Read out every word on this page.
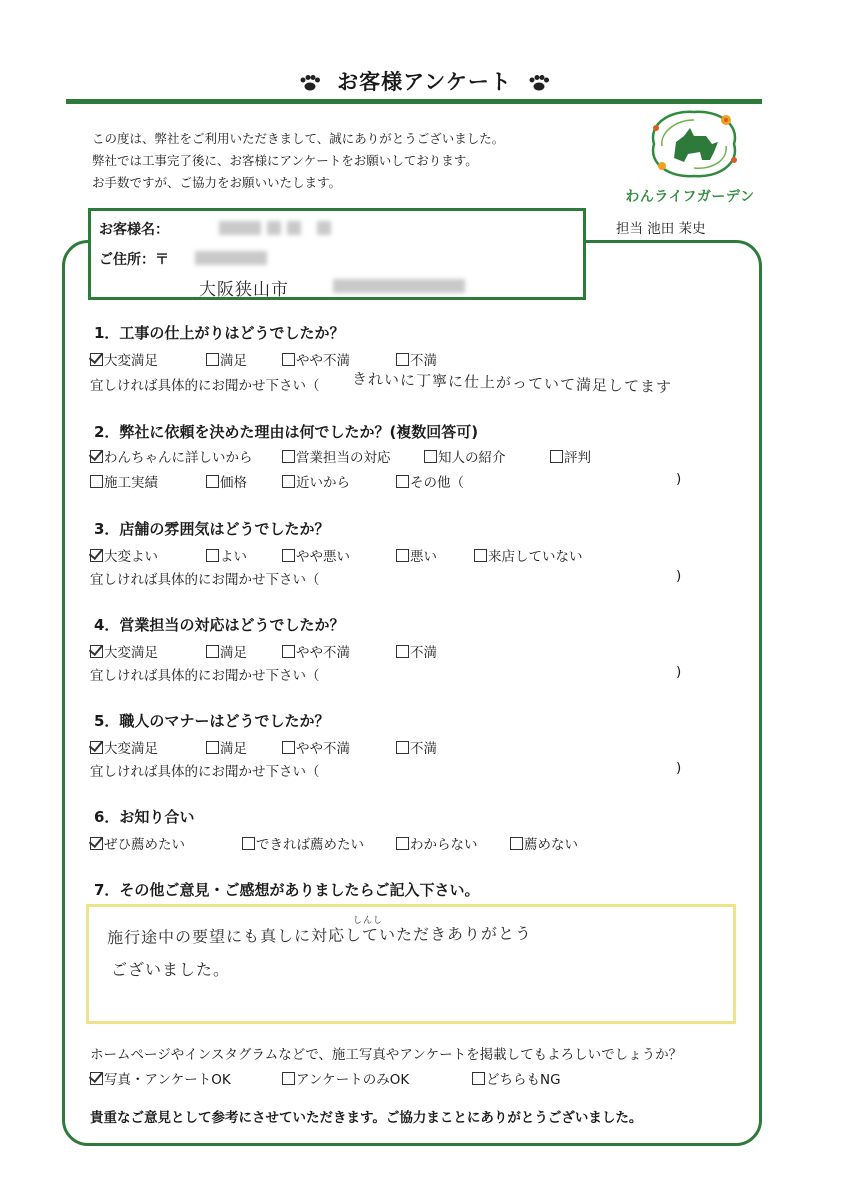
お客様アンケート
この度は、弊社をご利用いただきまして、誠にありがとうございました。
弊社では工事完了後に、お客様にアンケートをお願いしております。
お手数ですが、ご協力をお願いいたします。
わんライフガーデン
担当 池田 茉史
お客様名：
ご住所：〒
大阪狭山市
1．工事の仕上がりはどうでしたか？
大変満足	満足	やや不満	不満
宜しければ具体的にお聞かせ下さい（ きれいに丁寧に仕上がっていて満足してます
2．弊社に依頼を決めた理由は何でしたか？(複数回答可)
わんちゃんに詳しいから	営業担当の対応	知人の紹介	評判
施工実績	価格	近いから	その他（	)
3．店舗の雰囲気はどうでしたか？
大変よい	よい	やや悪い	悪い	来店していない
宜しければ具体的にお聞かせ下さい（	)
4．営業担当の対応はどうでしたか？
大変満足	満足	やや不満	不満
宜しければ具体的にお聞かせ下さい（	)
5．職人のマナーはどうでしたか？
大変満足	満足	やや不満	不満
宜しければ具体的にお聞かせ下さい（	)
6．お知り合い
ぜひ薦めたい	できれば薦めたい	わからない	薦めない
7．その他ご意見・ご感想がありましたらご記入下さい。
しんし
施行途中の要望にも真しに対応していただきありがとう
ございました。
ホームページやインスタグラムなどで、施工写真やアンケートを掲載してもよろしいでしょうか？
写真・アンケートOK	アンケートのみOK	どちらもNG
貴重なご意見として参考にさせていただきます。ご協力まことにありがとうございました。
